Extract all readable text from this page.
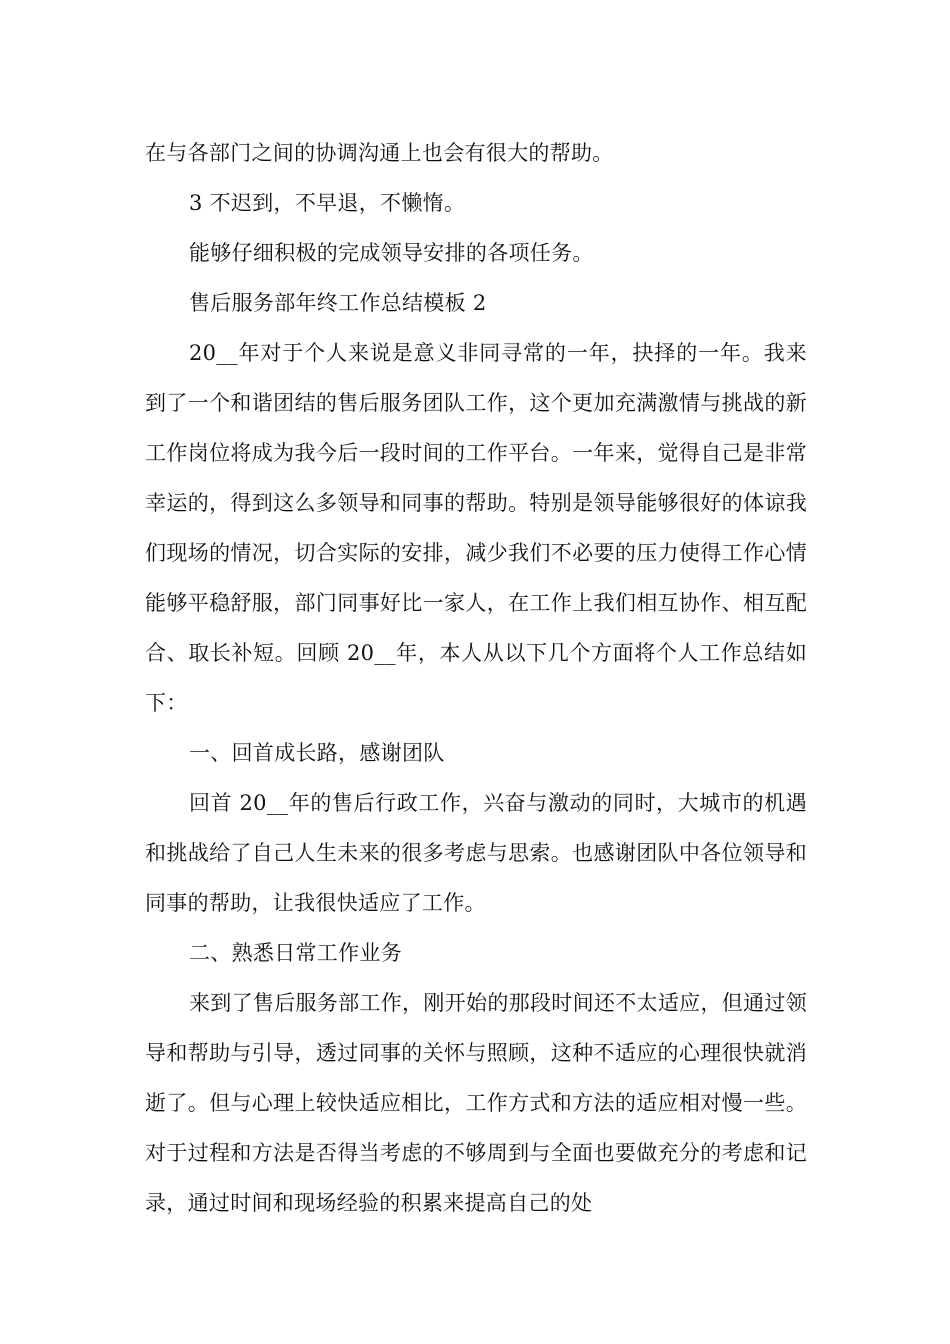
在与各部门之间的协调沟通上也会有很大的帮助。

3 不迟到，不早退，不懒惰。

能够仔细积极的完成领导安排的各项任务。

售后服务部年终工作总结模板 2

20__年对于个人来说是意义非同寻常的一年，抉择的一年。我来到了一个和谐团结的售后服务团队工作，这个更加充满激情与挑战的新工作岗位将成为我今后一段时间的工作平台。一年来，觉得自己是非常幸运的，得到这么多领导和同事的帮助。特别是领导能够很好的体谅我们现场的情况，切合实际的安排，减少我们不必要的压力使得工作心情能够平稳舒服，部门同事好比一家人，在工作上我们相互协作、相互配合、取长补短。回顾 20__年，本人从以下几个方面将个人工作总结如下：

一、回首成长路，感谢团队

回首 20__年的售后行政工作，兴奋与激动的同时，大城市的机遇和挑战给了自己人生未来的很多考虑与思索。也感谢团队中各位领导和同事的帮助，让我很快适应了工作。

二、熟悉日常工作业务

来到了售后服务部工作，刚开始的那段时间还不太适应，但通过领导和帮助与引导，透过同事的关怀与照顾，这种不适应的心理很快就消逝了。但与心理上较快适应相比，工作方式和方法的适应相对慢一些。对于过程和方法是否得当考虑的不够周到与全面也要做充分的考虑和记录，通过时间和现场经验的积累来提高自己的处
